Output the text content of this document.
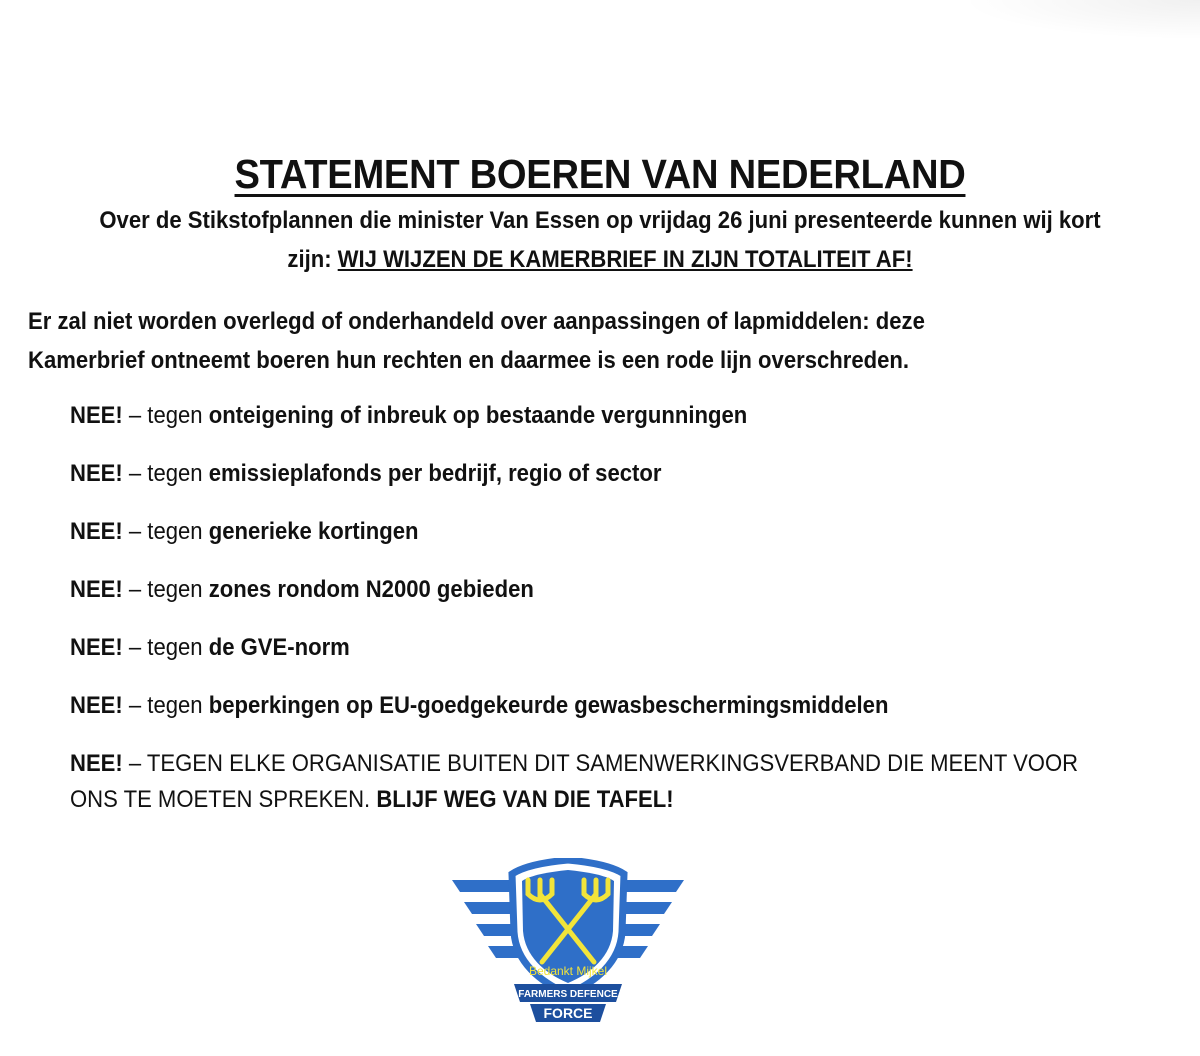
STATEMENT BOEREN VAN NEDERLAND
Over de Stikstofplannen die minister Van Essen op vrijdag 26 juni presenteerde kunnen wij kort
zijn: WIJ WIJZEN DE KAMERBRIEF IN ZIJN TOTALITEIT AF!
Er zal niet worden overlegd of onderhandeld over aanpassingen of lapmiddelen: deze
Kamerbrief ontneemt boeren hun rechten en daarmee is een rode lijn overschreden.
NEE! – tegen onteigening of inbreuk op bestaande vergunningen
NEE! – tegen emissieplafonds per bedrijf, regio of sector
NEE! – tegen generieke kortingen
NEE! – tegen zones rondom N2000 gebieden
NEE! – tegen de GVE-norm
NEE! – tegen beperkingen op EU-goedgekeurde gewasbeschermingsmiddelen
NEE! – TEGEN ELKE ORGANISATIE BUITEN DIT SAMENWERKINGSVERBAND DIE MEENT VOOR ONS TE MOETEN SPREKEN. BLIJF WEG VAN DIE TAFEL!
Bedankt Mijkel
FARMERS DEFENCE
FORCE
